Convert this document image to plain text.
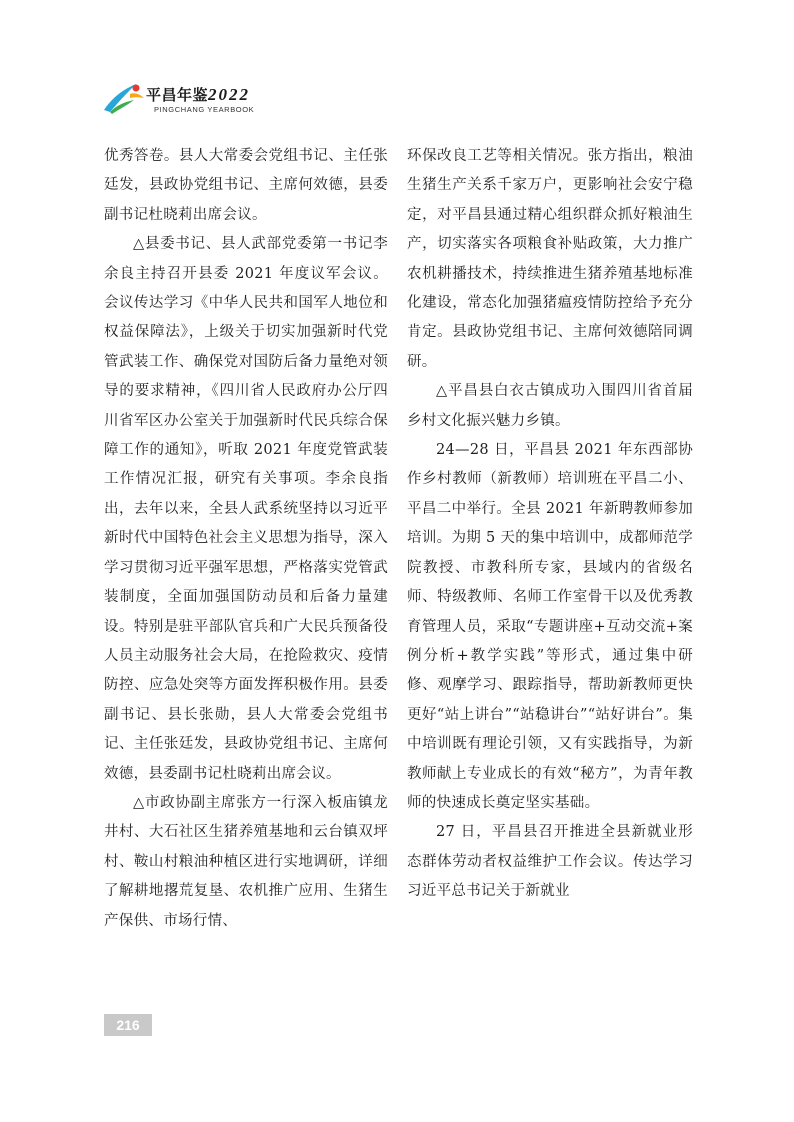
平昌年鉴2022
PINGCHANG YEARBOOK

优秀答卷。县人大常委会党组书记、主任张廷发，县政协党组书记、主席何效德，县委副书记杜晓莉出席会议。

△县委书记、县人武部党委第一书记李余良主持召开县委 2021 年度议军会议。会议传达学习《中华人民共和国军人地位和权益保障法》，上级关于切实加强新时代党管武装工作、确保党对国防后备力量绝对领导的要求精神，《四川省人民政府办公厅四川省军区办公室关于加强新时代民兵综合保障工作的通知》，听取 2021 年度党管武装工作情况汇报，研究有关事项。李余良指出，去年以来，全县人武系统坚持以习近平新时代中国特色社会主义思想为指导，深入学习贯彻习近平强军思想，严格落实党管武装制度，全面加强国防动员和后备力量建设。特别是驻平部队官兵和广大民兵预备役人员主动服务社会大局，在抢险救灾、疫情防控、应急处突等方面发挥积极作用。县委副书记、县长张勋，县人大常委会党组书记、主任张廷发，县政协党组书记、主席何效德，县委副书记杜晓莉出席会议。

△市政协副主席张方一行深入板庙镇龙井村、大石社区生猪养殖基地和云台镇双坪村、鞍山村粮油种植区进行实地调研，详细了解耕地撂荒复垦、农机推广应用、生猪生产保供、市场行情、

环保改良工艺等相关情况。张方指出，粮油生猪生产关系千家万户，更影响社会安宁稳定，对平昌县通过精心组织群众抓好粮油生产，切实落实各项粮食补贴政策，大力推广农机耕播技术，持续推进生猪养殖基地标准化建设，常态化加强猪瘟疫情防控给予充分肯定。县政协党组书记、主席何效德陪同调研。

△平昌县白衣古镇成功入围四川省首届乡村文化振兴魅力乡镇。

24—28 日，平昌县 2021 年东西部协作乡村教师（新教师）培训班在平昌二小、平昌二中举行。全县 2021 年新聘教师参加培训。为期 5 天的集中培训中，成都师范学院教授、市教科所专家，县域内的省级名师、特级教师、名师工作室骨干以及优秀教育管理人员，采取“专题讲座+互动交流+案例分析+教学实践”等形式，通过集中研修、观摩学习、跟踪指导，帮助新教师更快更好“站上讲台”“站稳讲台”“站好讲台”。集中培训既有理论引领，又有实践指导，为新教师献上专业成长的有效“秘方”，为青年教师的快速成长奠定坚实基础。

27 日，平昌县召开推进全县新就业形态群体劳动者权益维护工作会议。传达学习习近平总书记关于新就业

216
